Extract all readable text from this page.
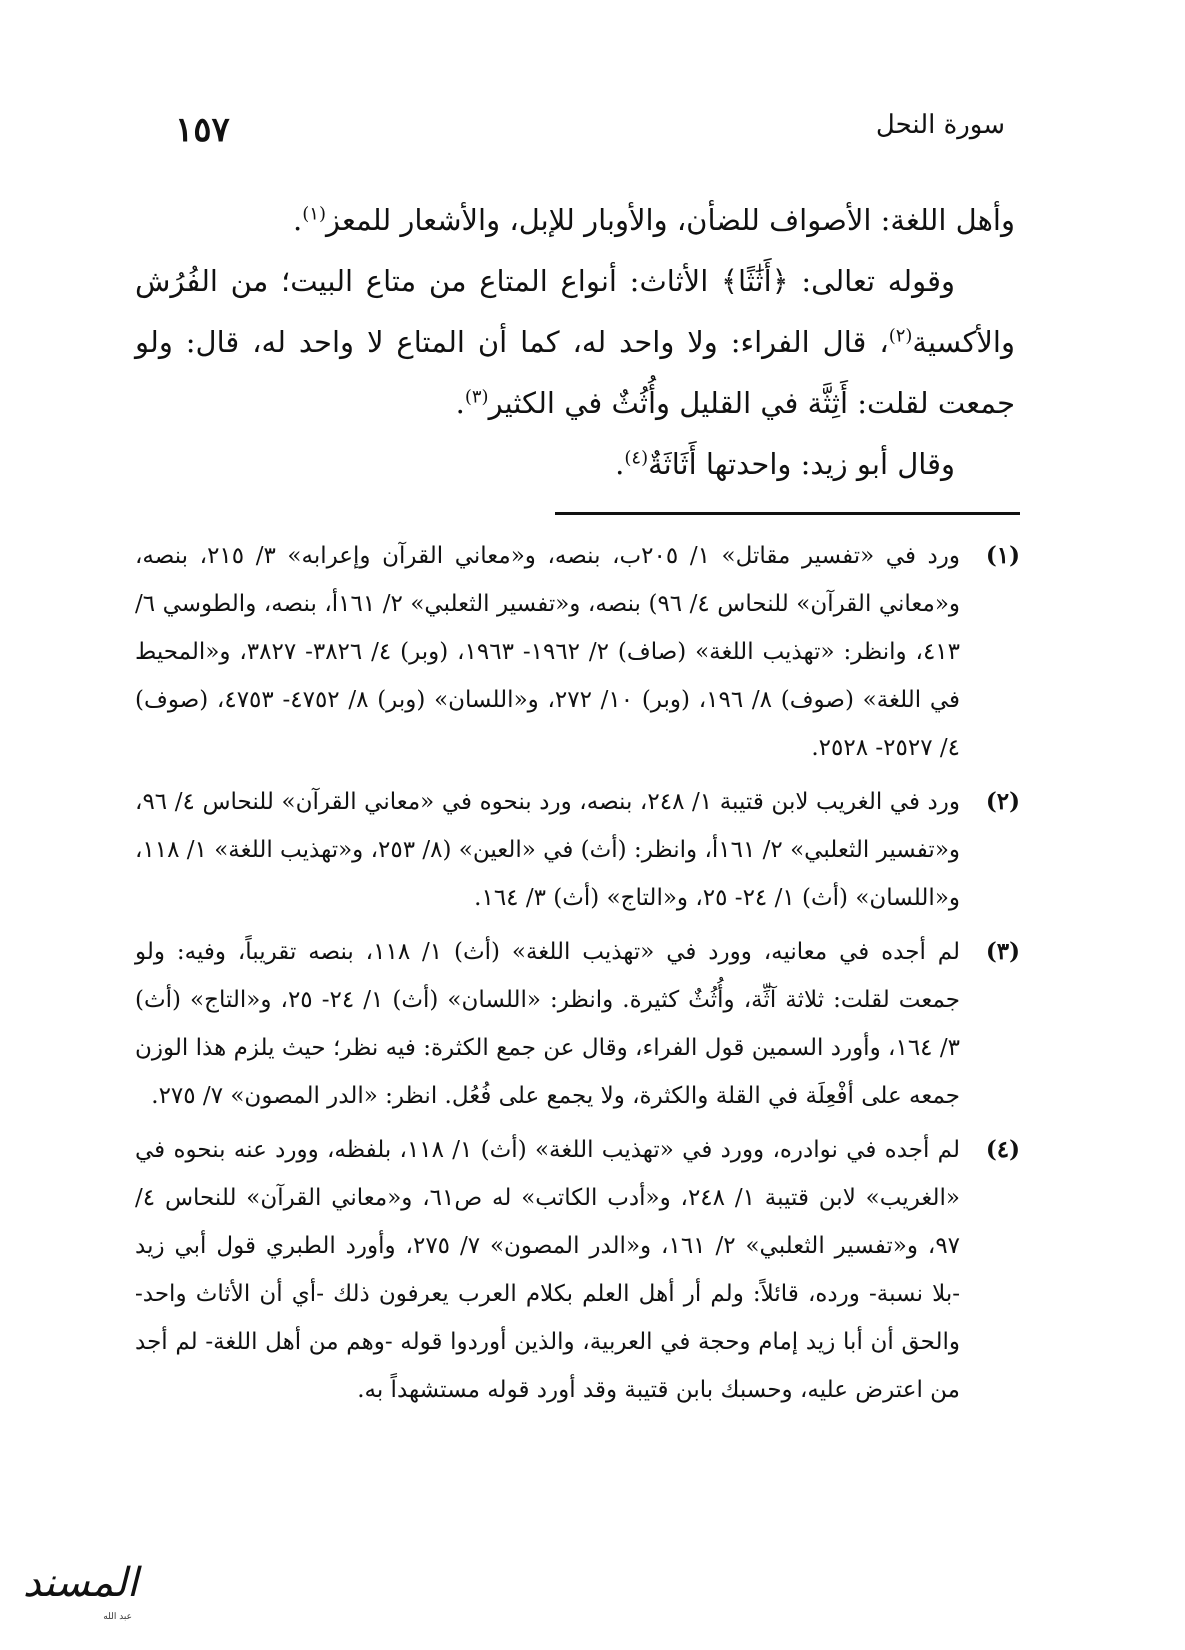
١٥٧	سورة النحل

وأهل اللغة: الأصواف للضأن، والأوبار للإبل، والأشعار للمعز$^{(١)}$.

وقوله تعالى: ﴿أَثَٰثًا﴾ الأثاث: أنواع المتاع من متاع البيت؛ من الفُرُش والأكسية$^{(٢)}$، قال الفراء: ولا واحد له، كما أن المتاع لا واحد له، قال: ولو جمعت لقلت: أَثِثَّة في القليل وأُثُثٌ في الكثير$^{(٣)}$.

وقال أبو زيد: واحدتها أَثَاثَةٌ$^{(٤)}$.

(١)
ورد في «تفسير مقاتل» ١/ ٢٠٥ب، بنصه، و«معاني القرآن وإعرابه» ٣/ ٢١٥، بنصه، و«معاني القرآن» للنحاس ٤/ ٩٦) بنصه، و«تفسير الثعلبي» ٢/ ١٦١أ، بنصه، والطوسي ٦/ ٤١٣، وانظر: «تهذيب اللغة» (صاف) ٢/ ١٩٦٢- ١٩٦٣، (وبر) ٤/ ٣٨٢٦- ٣٨٢٧، و«المحيط في اللغة» (صوف) ٨/ ١٩٦، (وبر) ١٠/ ٢٧٢، و«اللسان» (وبر) ٨/ ٤٧٥٢- ٤٧٥٣، (صوف) ٤/ ٢٥٢٧- ٢٥٢٨.
(٢)
ورد في الغريب لابن قتيبة ١/ ٢٤٨، بنصه، ورد بنحوه في «معاني القرآن» للنحاس ٤/ ٩٦، و«تفسير الثعلبي» ٢/ ١٦١أ، وانظر: (أث) في «العين» (٨/ ٢٥٣، و«تهذيب اللغة» ١/ ١١٨، و«اللسان» (أث) ١/ ٢٤- ٢٥، و«التاج» (أث) ٣/ ١٦٤.
(٣)
لم أجده في معانيه، وورد في «تهذيب اللغة» (أث) ١/ ١١٨، بنصه تقريباً، وفيه: ولو جمعت لقلت: ثلاثة آثِّة، وأُثُثٌ كثيرة. وانظر: «اللسان» (أث) ١/ ٢٤- ٢٥، و«التاج» (أث) ٣/ ١٦٤، وأورد السمين قول الفراء، وقال عن جمع الكثرة: فيه نظر؛ حيث يلزم هذا الوزن جمعه على أفْعِلَة في القلة والكثرة، ولا يجمع على فُعُل. انظر: «الدر المصون» ٧/ ٢٧٥.
(٤)
لم أجده في نوادره، وورد في «تهذيب اللغة» (أث) ١/ ١١٨، بلفظه، وورد عنه بنحوه في «الغريب» لابن قتيبة ١/ ٢٤٨، و«أدب الكاتب» له ص٦١، و«معاني القرآن» للنحاس ٤/ ٩٧، و«تفسير الثعلبي» ٢/ ١٦١، و«الدر المصون» ٧/ ٢٧٥، وأورد الطبري قول أبي زيد -بلا نسبة- ورده، قائلاً: ولم أر أهل العلم بكلام العرب يعرفون ذلك -أي أن الأثاث واحد- والحق أن أبا زيد إمام وحجة في العربية، والذين أوردوا قوله -وهم من أهل اللغة- لم أجد من اعترض عليه، وحسبك بابن قتيبة وقد أورد قوله مستشهداً به.
المسند
عبد الله
